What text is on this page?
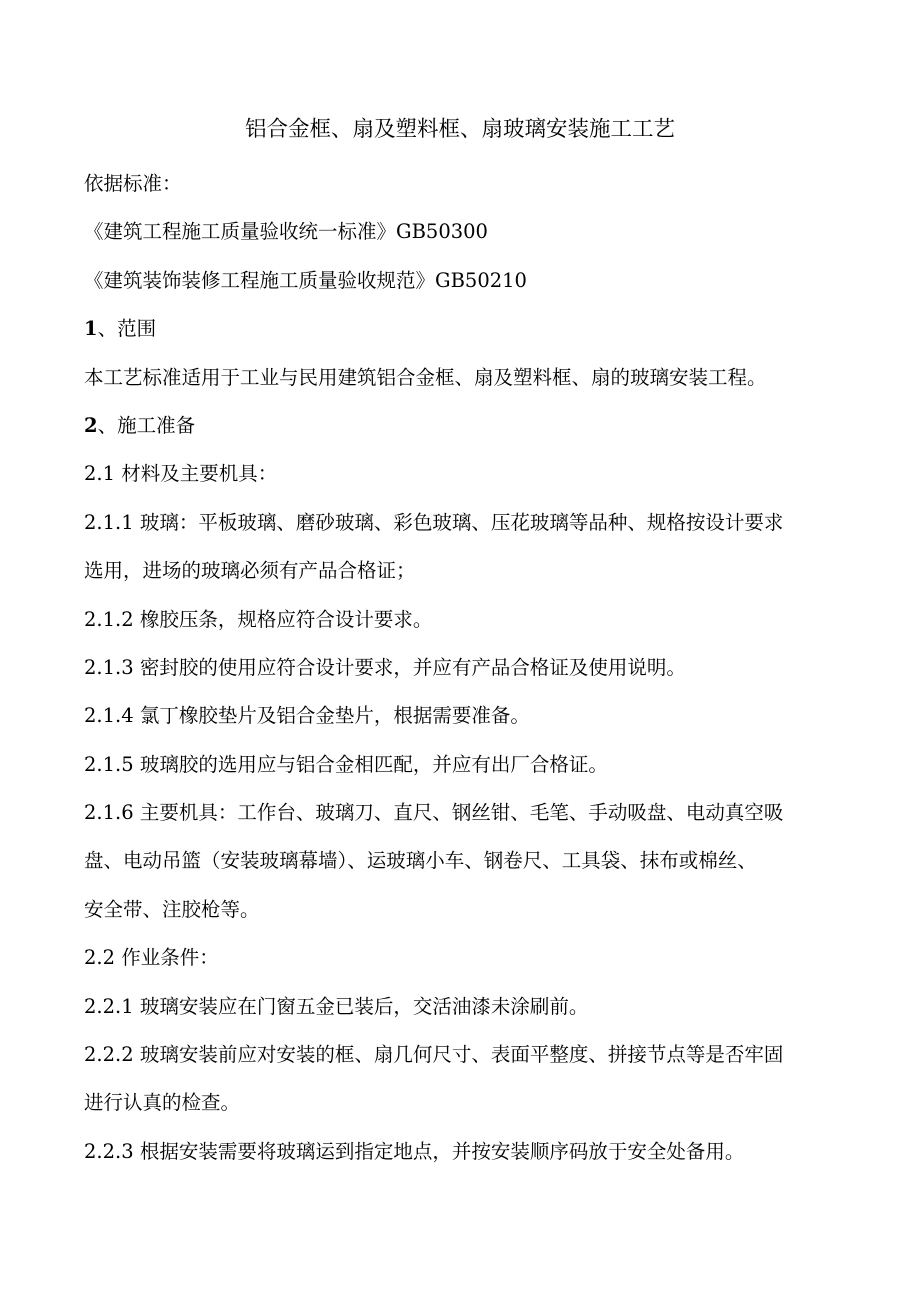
铝合金框、扇及塑料框、扇玻璃安装施工工艺
依据标准：
《建筑工程施工质量验收统一标准》GB50300
《建筑装饰装修工程施工质量验收规范》GB50210
1、范围
本工艺标准适用于工业与民用建筑铝合金框、扇及塑料框、扇的玻璃安装工程。
2、施工准备
2.1 材料及主要机具：
2.1.1 玻璃：平板玻璃、磨砂玻璃、彩色玻璃、压花玻璃等品种、规格按设计要求
选用，进场的玻璃必须有产品合格证；
2.1.2 橡胶压条，规格应符合设计要求。
2.1.3 密封胶的使用应符合设计要求，并应有产品合格证及使用说明。
2.1.4 氯丁橡胶垫片及铝合金垫片，根据需要准备。
2.1.5 玻璃胶的选用应与铝合金相匹配，并应有出厂合格证。
2.1.6 主要机具：工作台、玻璃刀、直尺、钢丝钳、毛笔、手动吸盘、电动真空吸
盘、电动吊篮（安装玻璃幕墙）、运玻璃小车、钢卷尺、工具袋、抹布或棉丝、
安全带、注胶枪等。
2.2 作业条件：
2.2.1 玻璃安装应在门窗五金已装后，交活油漆未涂刷前。
2.2.2 玻璃安装前应对安装的框、扇几何尺寸、表面平整度、拼接节点等是否牢固
进行认真的检查。
2.2.3 根据安装需要将玻璃运到指定地点，并按安装顺序码放于安全处备用。
